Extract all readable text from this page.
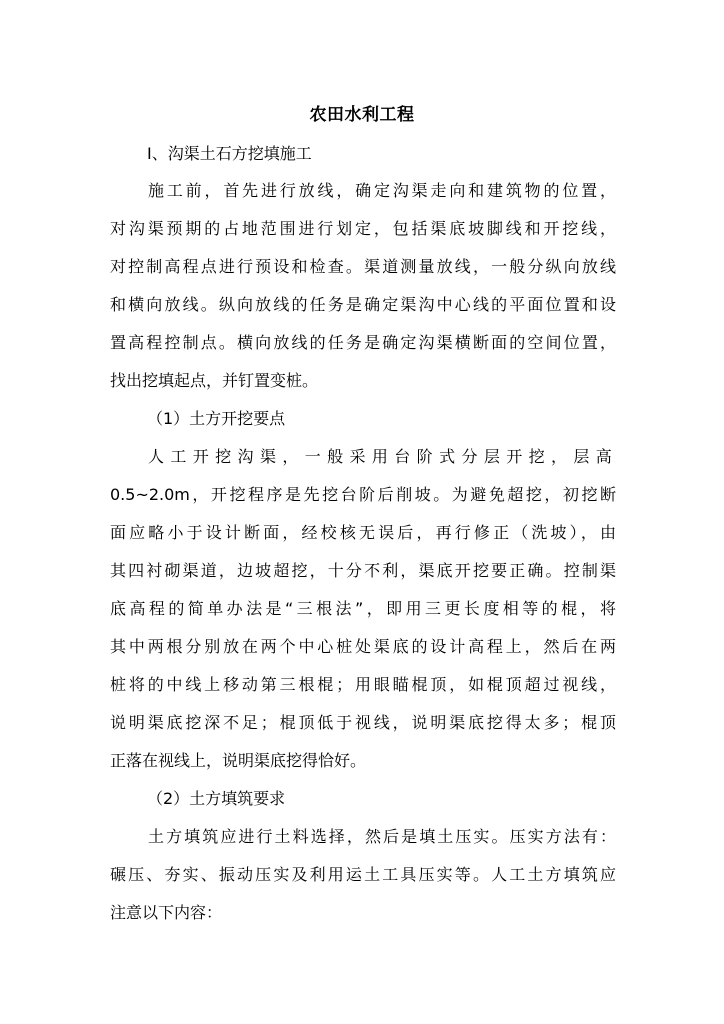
农田水利工程

I、沟渠土石方挖填施工

施工前，首先进行放线，确定沟渠走向和建筑物的位置，
对沟渠预期的占地范围进行划定，包括渠底坡脚线和开挖线，
对控制高程点进行预设和检查。渠道测量放线，一般分纵向放线
和横向放线。纵向放线的任务是确定渠沟中心线的平面位置和设
置高程控制点。横向放线的任务是确定沟渠横断面的空间位置，
找出挖填起点，并钉置变桩。

（1）土方开挖要点

人工开挖沟渠，一般采用台阶式分层开挖，层高
0.5~2.0m，开挖程序是先挖台阶后削坡。为避免超挖，初挖断
面应略小于设计断面，经校核无误后，再行修正（洗坡），由
其四衬砌渠道，边坡超挖，十分不利，渠底开挖要正确。控制渠
底高程的简单办法是“三根法”，即用三更长度相等的棍，将
其中两根分别放在两个中心桩处渠底的设计高程上，然后在两
桩将的中线上移动第三根棍；用眼瞄棍顶，如棍顶超过视线，
说明渠底挖深不足；棍顶低于视线，说明渠底挖得太多；棍顶
正落在视线上，说明渠底挖得恰好。

（2）土方填筑要求

土方填筑应进行土料选择，然后是填土压实。压实方法有：
碾压、夯实、振动压实及利用运土工具压实等。人工土方填筑应
注意以下内容：
